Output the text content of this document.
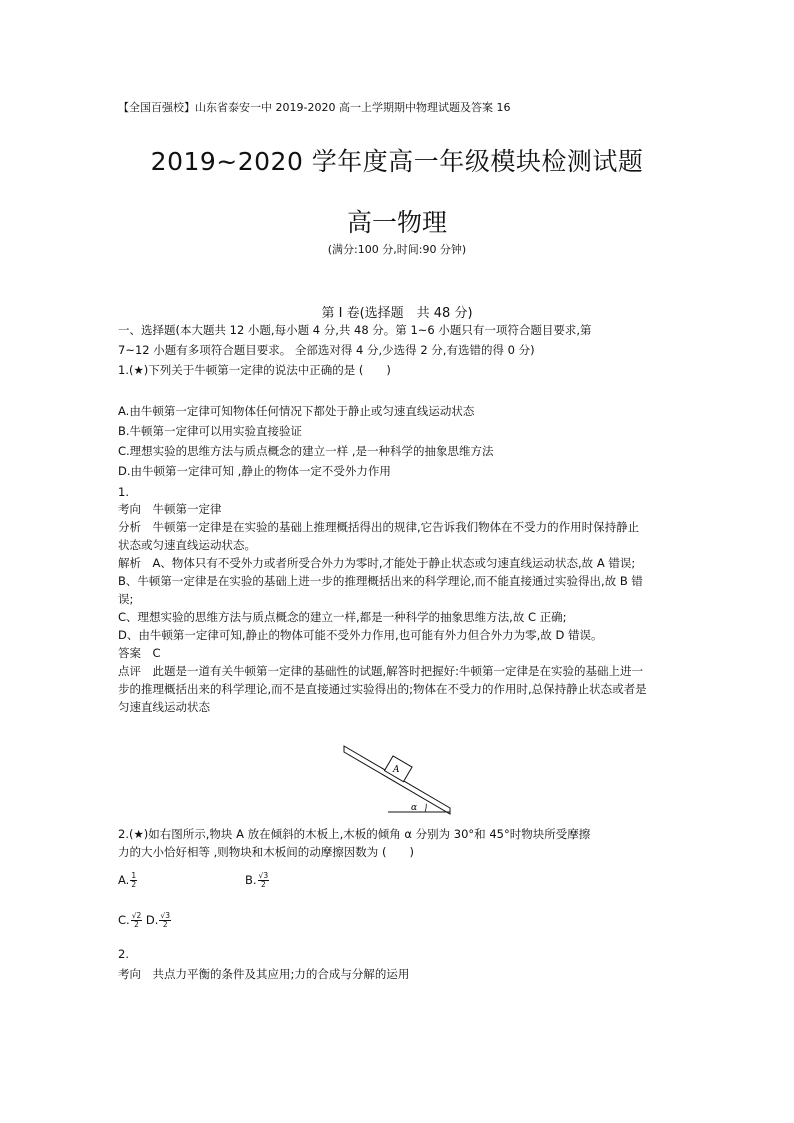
【全国百强校】山东省泰安一中 2019-2020 高一上学期期中物理试题及答案 16
2019~2020 学年度高一年级模块检测试题
高一物理
(满分:100 分,时间:90 分钟)
第 I 卷(选择题　共 48 分)
一、选择题(本大题共 12 小题,每小题 4 分,共 48 分。第 1~6 小题只有一项符合题目要求,第
7~12 小题有多项符合题目要求。 全部选对得 4 分,少选得 2 分,有选错的得 0 分)
1.(★)下列关于牛顿第一定律的说法中正确的是 (　　)
A.由牛顿第一定律可知物体任何情况下都处于静止或匀速直线运动状态
B.牛顿第一定律可以用实验直接验证
C.理想实验的思维方法与质点概念的建立一样 ,是一种科学的抽象思维方法
D.由牛顿第一定律可知 ,静止的物体一定不受外力作用
1.
考向　牛顿第一定律
分析　牛顿第一定律是在实验的基础上推理概括得出的规律,它告诉我们物体在不受力的作用时保持静止
状态或匀速直线运动状态。
解析　A、物体只有不受外力或者所受合外力为零时,才能处于静止状态或匀速直线运动状态,故 A 错误;
B、牛顿第一定律是在实验的基础上进一步的推理概括出来的科学理论,而不能直接通过实验得出,故 B 错
误;
C、理想实验的思维方法与质点概念的建立一样,都是一种科学的抽象思维方法,故 C 正确;
D、由牛顿第一定律可知,静止的物体可能不受外力作用,也可能有外力但合外力为零,故 D 错误。
答案　C
点评　此题是一道有关牛顿第一定律的基础性的试题,解答时把握好:牛顿第一定律是在实验的基础上进一
步的推理概括出来的科学理论,而不是直接通过实验得出的;物体在不受力的作用时,总保持静止状态或者是
匀速直线运动状态
A
α
2.(★)如右图所示,物块 A 放在倾斜的木板上,木板的倾角 α 分别为 30°和 45°时物块所受摩擦
力的大小恰好相等 ,则物块和木板间的动摩擦因数为 (　　)
A. $\frac{1}{2}$	B. $\frac{√3}{2}$
C. $\frac{√2}{2} D$. $\frac{√3}{2}$
2.
考向　共点力平衡的条件及其应用;力的合成与分解的运用
